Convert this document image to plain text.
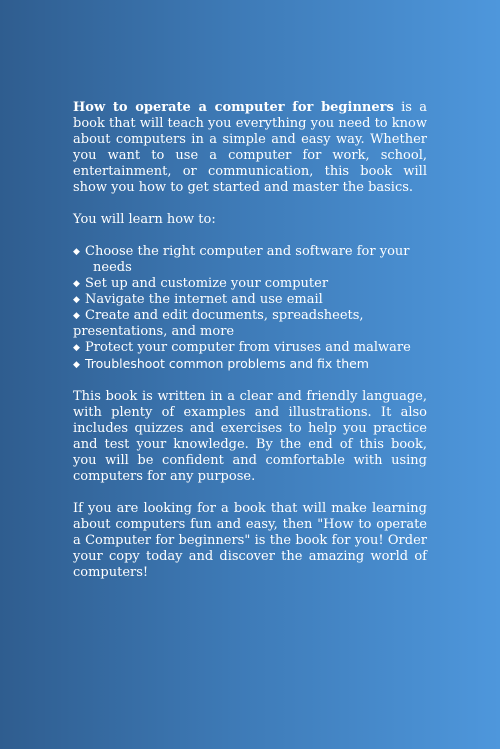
How to operate a computer for beginners is a book that will teach you everything you need to know about computers in a simple and easy way. Whether you want to use a computer for work, school, entertainment, or communication, this book will show you how to get started and master the basics.

You will learn how to:

◆ Choose the right computer and software for your
needs
◆ Set up and customize your computer
◆ Navigate the internet and use email
◆ Create and edit documents, spreadsheets,
presentations, and more
◆ Protect your computer from viruses and malware
◆ Troubleshoot common problems and fix them

This book is written in a clear and friendly language, with plenty of examples and illustrations. It also includes quizzes and exercises to help you practice and test your knowledge. By the end of this book, you will be confident and comfortable with using computers for any purpose.

If you are looking for a book that will make learning about computers fun and easy, then "How to operate a Computer for beginners" is the book for you! Order your copy today and discover the amazing world of computers!
